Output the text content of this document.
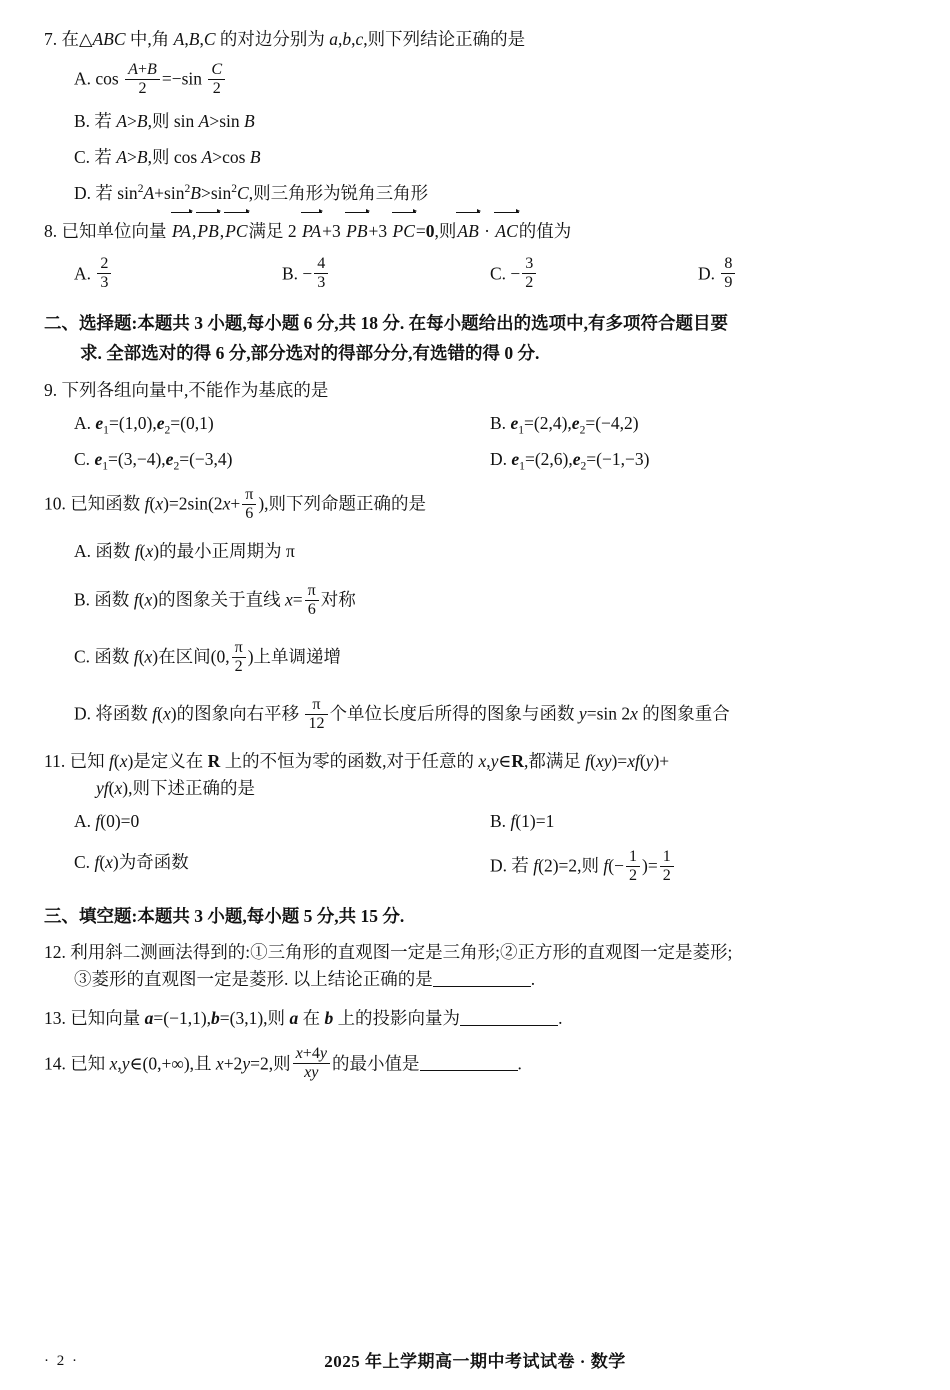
7. 在△ABC 中,角 A,B,C 的对边分别为 a,b,c,则下列结论正确的是
A. $\cos \frac{A+B}{2} =-\sin \frac{C}{2}$
B. 若 A>B,则 sin A>sin B
C. 若 A>B,则 cos A>cos B
D. 若 $\sin^2A+\sin^2B>\sin^2C$,则三角形为锐角三角形
8. 已知单位向量 PA,PB,PC满足 2 PA+3 PB+3 PC=0,则AB · AC的值为
A. $\frac{2}{3}$	B. − $\frac{4}{3}$	C. − $\frac{3}{2}$	D. $\frac{8}{9}$
二、选择题:本题共 3 小题,每小题 6 分,共 18 分. 在每小题给出的选项中,有多项符合题目要
求. 全部选对的得 6 分,部分选对的得部分分,有选错的得 0 分.
9. 下列各组向量中,不能作为基底的是
A. $e_1=(1,0),e_2=(0,1)$	B. $e_1=(2,4),e_2=(-4,2)$
C. $e_1=(3,-4),e_2=(-3,4)$	D. $e_1=(2,6),e_2=(-1,-3)$
10. 已知函数 $f(x)=2\sin(2x+ \frac{\pi}{6}$ ),则下列命题正确的是
A. 函数 f(x)的最小正周期为 π
B. 函数 f(x)的图象关于直线 $x= \frac{\pi}{6}$ 对称
C. 函数 f(x)在区间(0, $\frac{\pi}{2}$ )上单调递增
D. 将函数 f(x)的图象向右平移 $\frac{\pi}{12}$ 个单位长度后所得的图象与函数 y=sin 2x 的图象重合
11. 已知 f(x)是定义在 R 上的不恒为零的函数,对于任意的 x,y∈R,都满足 f(xy)=xf(y)+
yf(x),则下述正确的是
A. f(0)=0	B. f(1)=1
C. f(x)为奇函数	D. 若 f(2)=2,则 $f(- \frac{1}{2}$ )= $\frac{1}{2}$
三、填空题:本题共 3 小题,每小题 5 分,共 15 分.
12. 利用斜二测画法得到的:①三角形的直观图一定是三角形;②正方形的直观图一定是菱形;
③菱形的直观图一定是菱形. 以上结论正确的是	.
13. 已知向量 a=(−1,1),b=(3,1),则 a 在 b 上的投影向量为	.
14. 已知 x,y∈(0,+∞),且 x+2y=2,则 $\frac{x+4y}{xy}$ 的最小值是	.
· 2 ·	2025 年上学期高一期中考试试卷 · 数学
